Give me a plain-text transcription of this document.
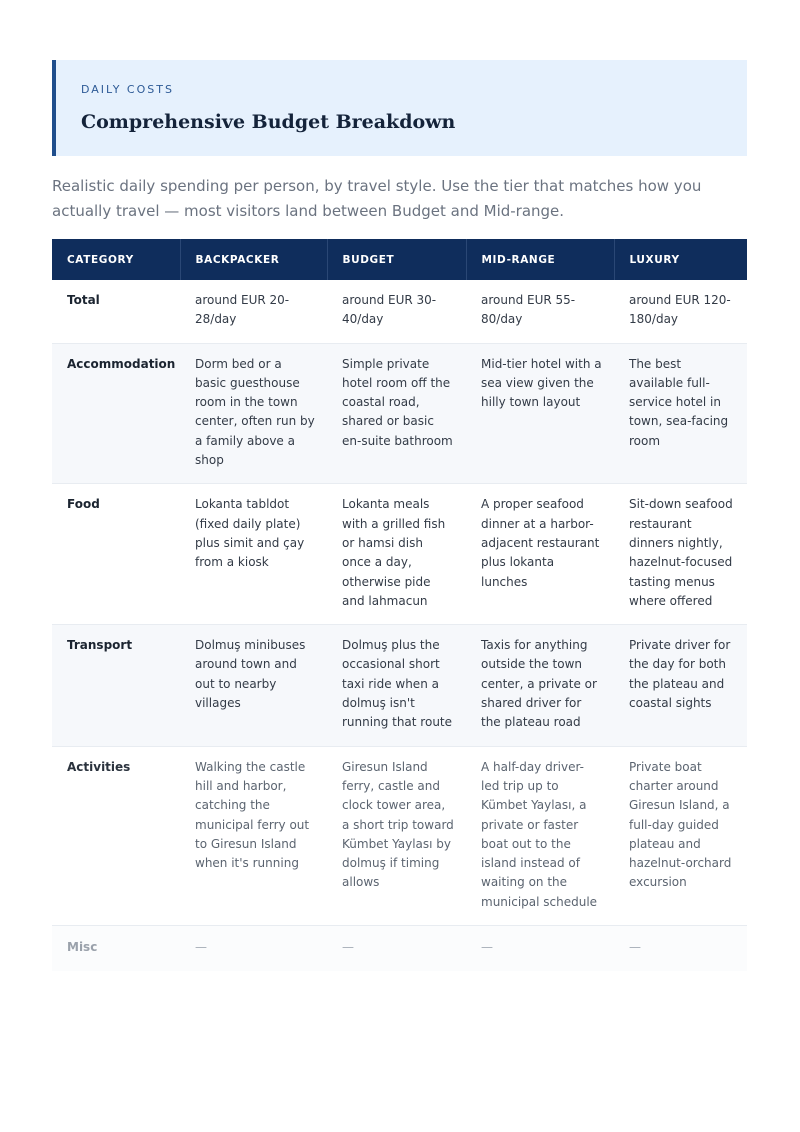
DAILY COSTS
Comprehensive Budget Breakdown
Realistic daily spending per person, by travel style. Use the tier that matches how you actually travel — most visitors land between Budget and Mid-range.
CATEGORY	BACKPACKER	BUDGET	MID-RANGE	LUXURY
Total	around EUR 20-28/day	around EUR 30-40/day	around EUR 55-80/day	around EUR 120-180/day
Accommodation	Dorm bed or a basic guesthouse room in the town center, often run by a family above a shop	Simple private hotel room off the coastal road, shared or basic en-suite bathroom	Mid-tier hotel with a sea view given the hilly town layout	The best available full-service hotel in town, sea-facing room
Food	Lokanta tabldot (fixed daily plate) plus simit and çay from a kiosk	Lokanta meals with a grilled fish or hamsi dish once a day, otherwise pide and lahmacun	A proper seafood dinner at a harbor-adjacent restaurant plus lokanta lunches	Sit-down seafood restaurant dinners nightly, hazelnut-focused tasting menus where offered
Transport	Dolmuş minibuses around town and out to nearby villages	Dolmuş plus the occasional short taxi ride when a dolmuş isn't running that route	Taxis for anything outside the town center, a private or shared driver for the plateau road	Private driver for the day for both the plateau and coastal sights
Activities	Walking the castle hill and harbor, catching the municipal ferry out to Giresun Island when it's running	Giresun Island ferry, castle and clock tower area, a short trip toward Kümbet Yaylası by dolmuş if timing allows	A half-day driver-led trip up to Kümbet Yaylası, a private or faster boat out to the island instead of waiting on the municipal schedule	Private boat charter around Giresun Island, a full-day guided plateau and hazelnut-orchard excursion
Misc	—	—	—	—
